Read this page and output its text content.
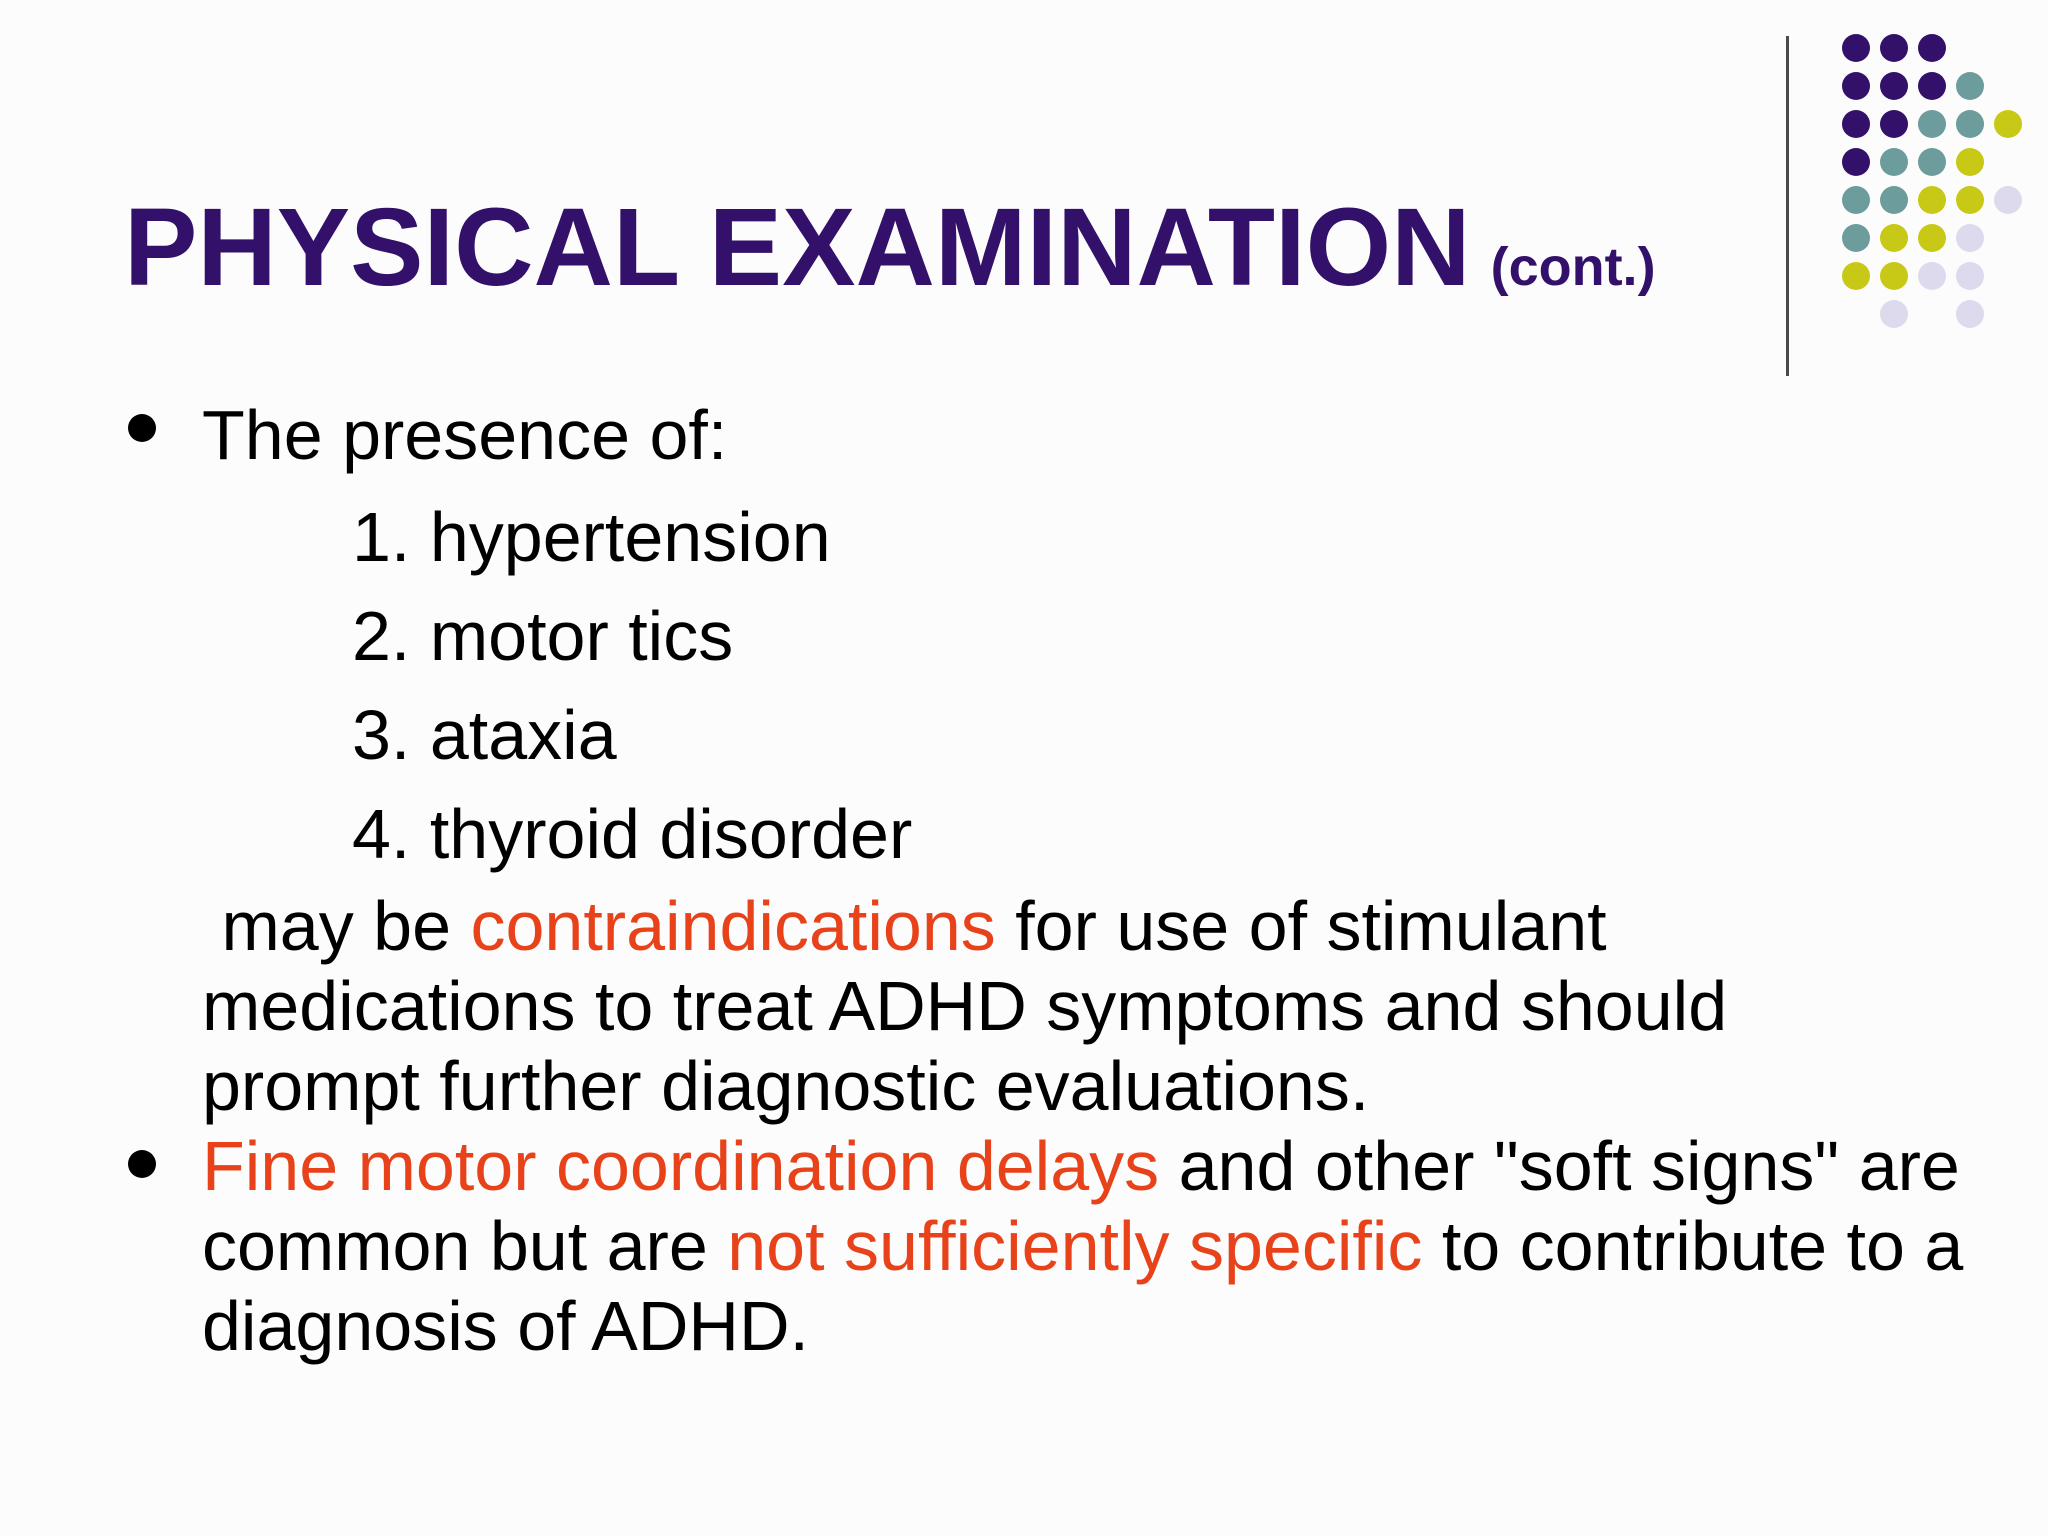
PHYSICAL EXAMINATION (cont.)
The presence of:
1. hypertension
2. motor tics
3. ataxia
4. thyroid disorder
may be contraindications for use of stimulant medications to treat ADHD symptoms and should prompt further diagnostic evaluations.
Fine motor coordination delays and other "soft signs" are common but are not sufficiently specific to contribute to a diagnosis of ADHD.
